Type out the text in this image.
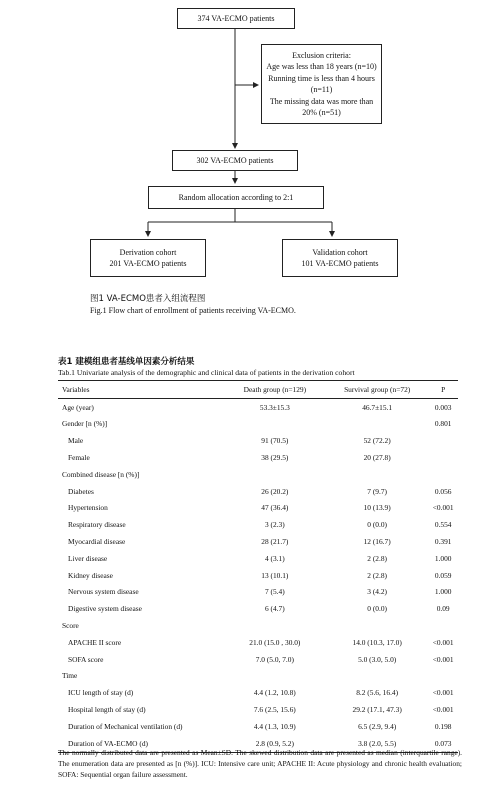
374 VA-ECMO patients
Exclusion criteria:
Age was less than 18 years (n=10)
Running time is less than 4 hours
(n=11)
The missing data was more than
20% (n=51)
302 VA-ECMO patients
Random allocation according to 2:1
Derivation cohort
201 VA-ECMO patients
Validation cohort
101 VA-ECMO patients
图1 VA-ECMO患者入组流程图
Fig.1 Flow chart of enrollment of patients receiving VA-ECMO.
表1 建模组患者基线单因素分析结果
Tab.1 Univariate analysis of the demographic and clinical data of patients in the derivation cohort
Variables	Death group (n=129)	Survival group (n=72)	P
Age (year)	53.3±15.3	46.7±15.1	0.003
Gender [n (%)]			0.801
Male	91 (70.5)	52 (72.2)	
Female	38 (29.5)	20 (27.8)	
Combined disease [n (%)]			
Diabetes	26 (20.2)	7 (9.7)	0.056
Hypertension	47 (36.4)	10 (13.9)	<0.001
Respiratory disease	3 (2.3)	0 (0.0)	0.554
Myocardial disease	28 (21.7)	12 (16.7)	0.391
Liver disease	4 (3.1)	2 (2.8)	1.000
Kidney disease	13 (10.1)	2 (2.8)	0.059
Nervous system disease	7 (5.4)	3 (4.2)	1.000
Digestive system disease	6 (4.7)	0 (0.0)	0.09
Score			
APACHE II score	21.0 (15.0 , 30.0)	14.0 (10.3, 17.0)	<0.001
SOFA score	7.0 (5.0, 7.0)	5.0 (3.0, 5.0)	<0.001
Time			
ICU length of stay (d)	4.4 (1.2, 10.8)	8.2 (5.6, 16.4)	<0.001
Hospital length of stay (d)	7.6 (2.5, 15.6)	29.2 (17.1, 47.3)	<0.001
Duration of Mechanical ventilation (d)	4.4 (1.3, 10.9)	6.5 (2.9, 9.4)	0.198
Duration of VA-ECMO (d)	2.8 (0.9, 5.2)	3.8 (2.0, 5.5)	0.073
The normally distributed data are presented as Mean±SD. The skewed distribution data are presented as median (interquartile range). The enumeration data are presented as [n (%)]. ICU: Intensive care unit; APACHE II: Acute physiology and chronic health evaluation; SOFA: Sequential organ failure assessment.
